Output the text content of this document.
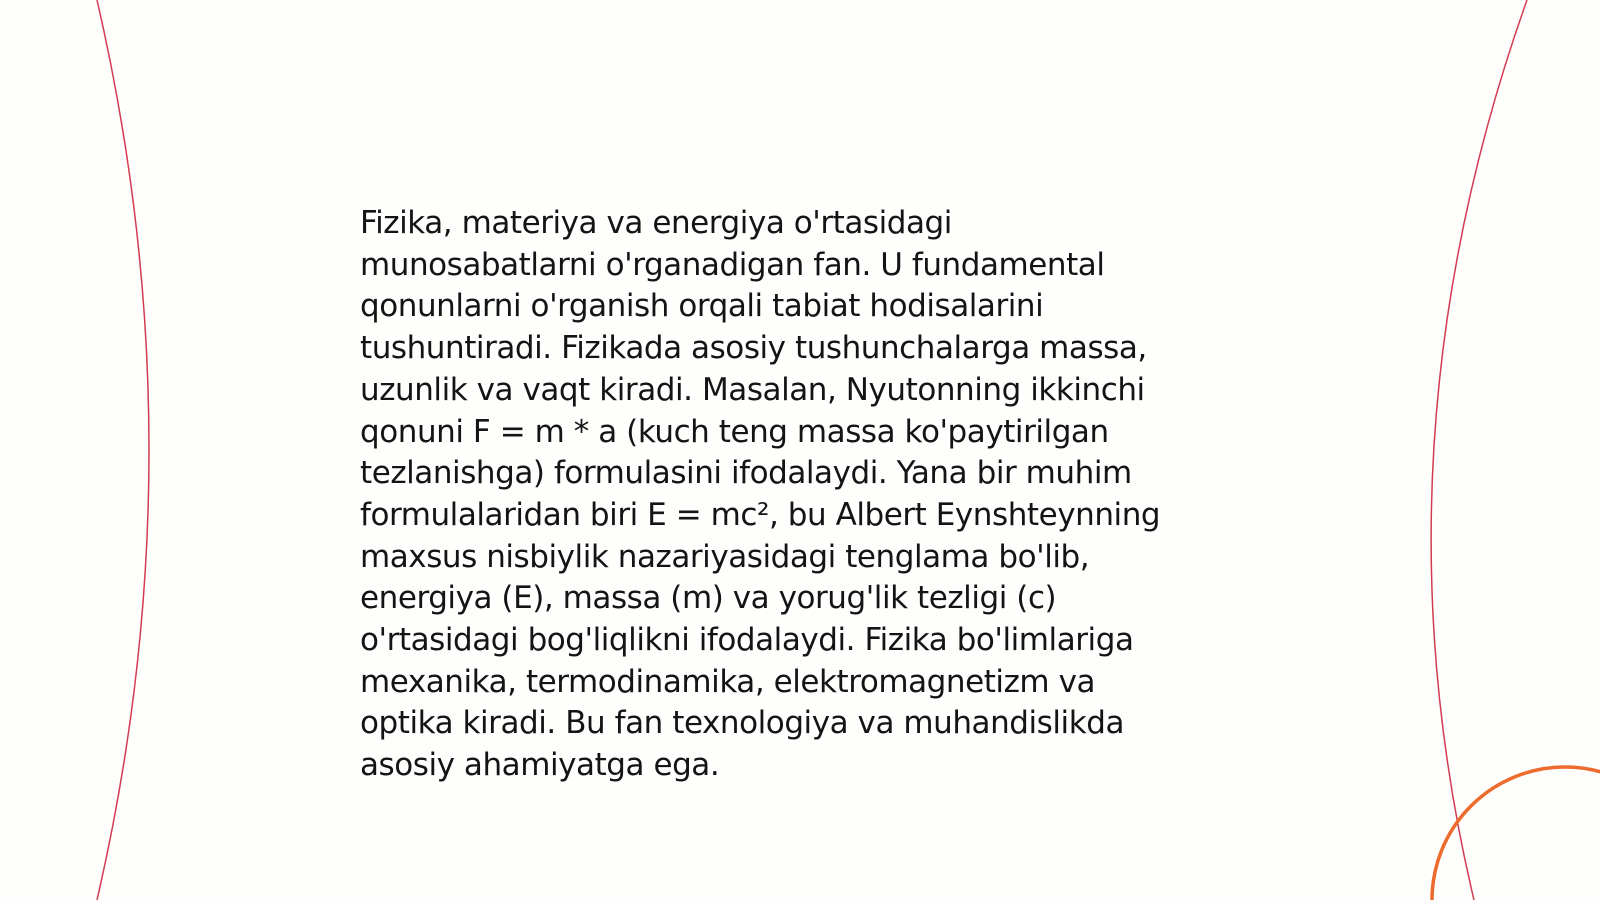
Fizika, materiya va energiya o'rtasidagi
munosabatlarni o'rganadigan fan. U fundamental
qonunlarni o'rganish orqali tabiat hodisalarini
tushuntiradi. Fizikada asosiy tushunchalarga massa,
uzunlik va vaqt kiradi. Masalan, Nyutonning ikkinchi
qonuni F = m * a (kuch teng massa ko'paytirilgan
tezlanishga) formulasini ifodalaydi. Yana bir muhim
formulalaridan biri E = mc², bu Albert Eynshteynning
maxsus nisbiylik nazariyasidagi tenglama bo'lib,
energiya (E), massa (m) va yorug'lik tezligi (c)
o'rtasidagi bog'liqlikni ifodalaydi. Fizika bo'limlariga
mexanika, termodinamika, elektromagnetizm va
optika kiradi. Bu fan texnologiya va muhandislikda
asosiy ahamiyatga ega.
